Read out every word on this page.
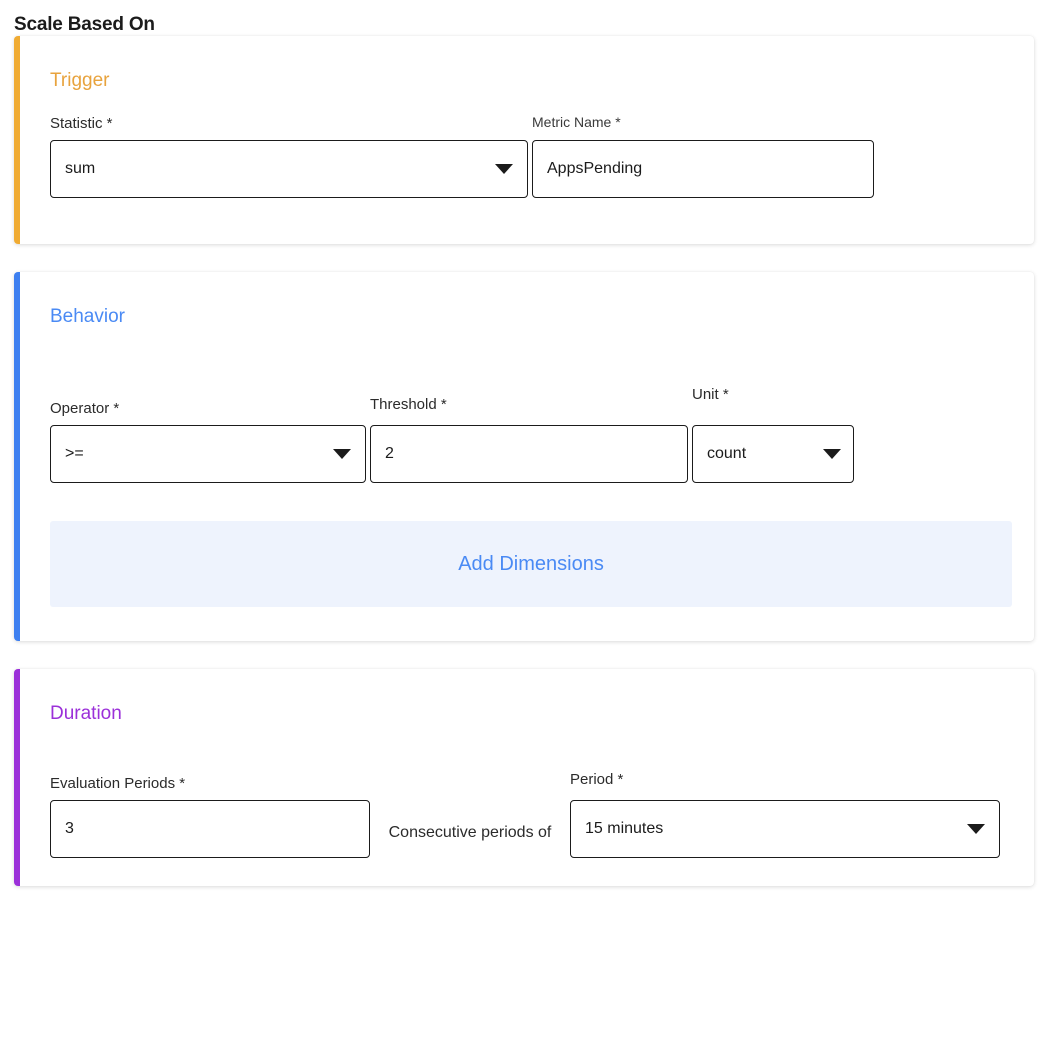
Scale Based On
Trigger
Statistic *
sum
Metric Name *
AppsPending
Behavior
Operator *
>=
Threshold *
2
Unit *
count
Add Dimensions
Duration
Evaluation Periods *
3	Consecutive periods of
Period *
15 minutes
